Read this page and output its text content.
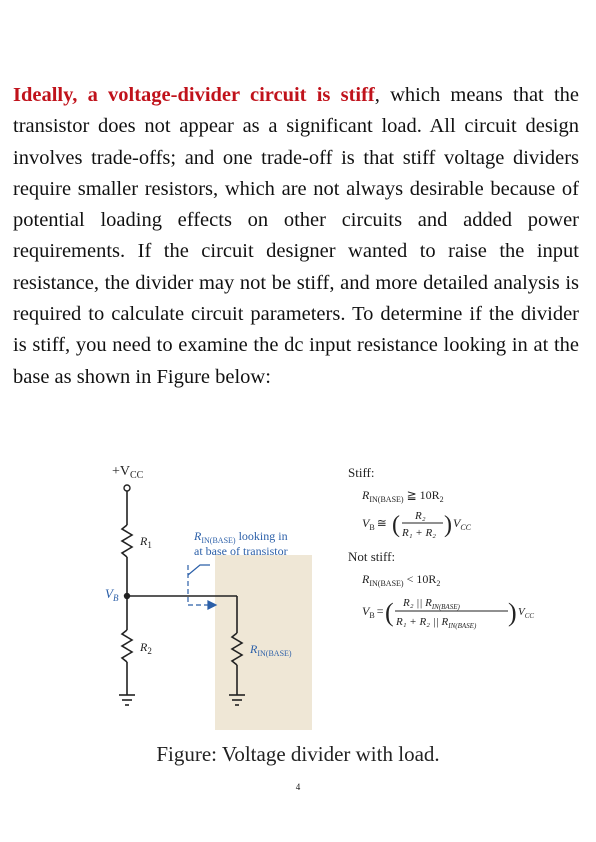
Ideally, a voltage-divider circuit is stiff, which means that the transistor does not appear as a significant load. All circuit design involves trade-offs; and one trade-off is that stiff voltage dividers require smaller resistors, which are not always desirable because of potential loading effects on other circuits and added power requirements. If the circuit designer wanted to raise the input resistance, the divider may not be stiff, and more detailed analysis is required to calculate circuit parameters. To determine if the divider is stiff, you need to examine the dc input resistance looking in at the base as shown in Figure below:
$+V_{CC}$
$R_1$
$V_B$
$R_2$
$R_{IN(BASE)}$ looking in
at base of transistor
$R_{IN(BASE)}$
Stiff:
$R_{IN(BASE)}$ ≧ $10R_2$
$V_B$ ≅ ( R₂
R₁ + R₂ ) $V_{CC}$
Not stiff:
$R_{IN(BASE)} < 10R_2$
$V_B$ = ( R₂ || $R_{IN(BASE)}$
R₁ + R₂ || $R_{IN(BASE)}$ ) $V_{CC}$
Figure: Voltage divider with load.
4
